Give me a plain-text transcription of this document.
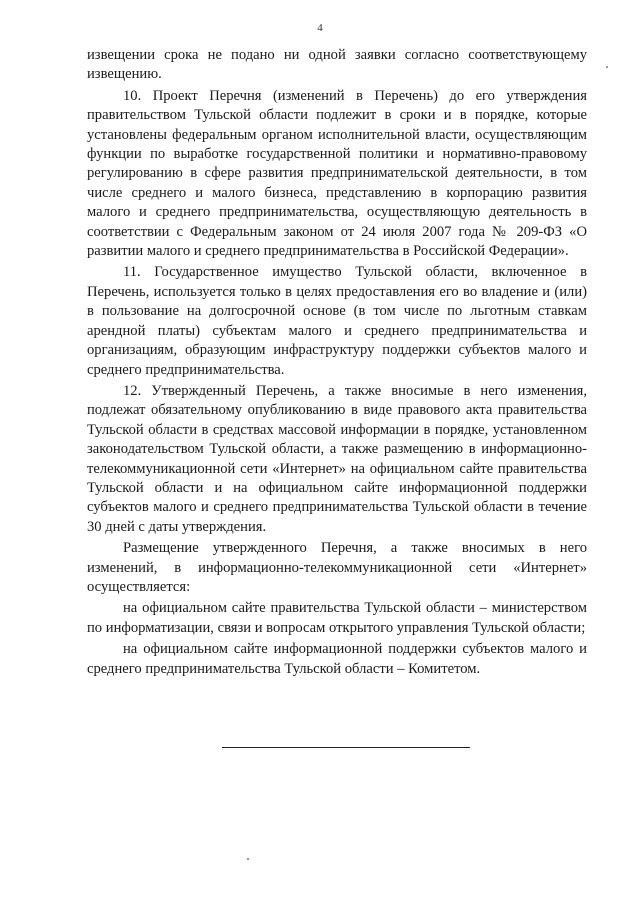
4

извещении срока не подано ни одной заявки согласно соответствующему извещению.

10. Проект Перечня (изменений в Перечень) до его утверждения правительством Тульской области подлежит в сроки и в порядке, которые установлены федеральным органом исполнительной власти, осуществляющим функции по выработке государственной политики и нормативно-правовому регулированию в сфере развития предпринимательской деятельности, в том числе среднего и малого бизнеса, представлению в корпорацию развития малого и среднего предпринимательства, осуществляющую деятельность в соответствии с Федеральным законом от 24 июля 2007 года № 209-ФЗ «О развитии малого и среднего предпринимательства в Российской Федерации».

11. Государственное имущество Тульской области, включенное в Перечень, используется только в целях предоставления его во владение и (или) в пользование на долгосрочной основе (в том числе по льготным ставкам арендной платы) субъектам малого и среднего предпринимательства и организациям, образующим инфраструктуру поддержки субъектов малого и среднего предпринимательства.

12. Утвержденный Перечень, а также вносимые в него изменения, подлежат обязательному опубликованию в виде правового акта правительства Тульской области в средствах массовой информации в порядке, установленном законодательством Тульской области, а также размещению в информационно-телекоммуникационной сети «Интернет» на официальном сайте правительства Тульской области и на официальном сайте информационной поддержки субъектов малого и среднего предпринимательства Тульской области в течение 30 дней с даты утверждения.

Размещение утвержденного Перечня, а также вносимых в него изменений, в информационно-телекоммуникационной сети «Интернет» осуществляется:

на официальном сайте правительства Тульской области – министерством по информатизации, связи и вопросам открытого управления Тульской области;

на официальном сайте информационной поддержки субъектов малого и среднего предпринимательства Тульской области – Комитетом.
